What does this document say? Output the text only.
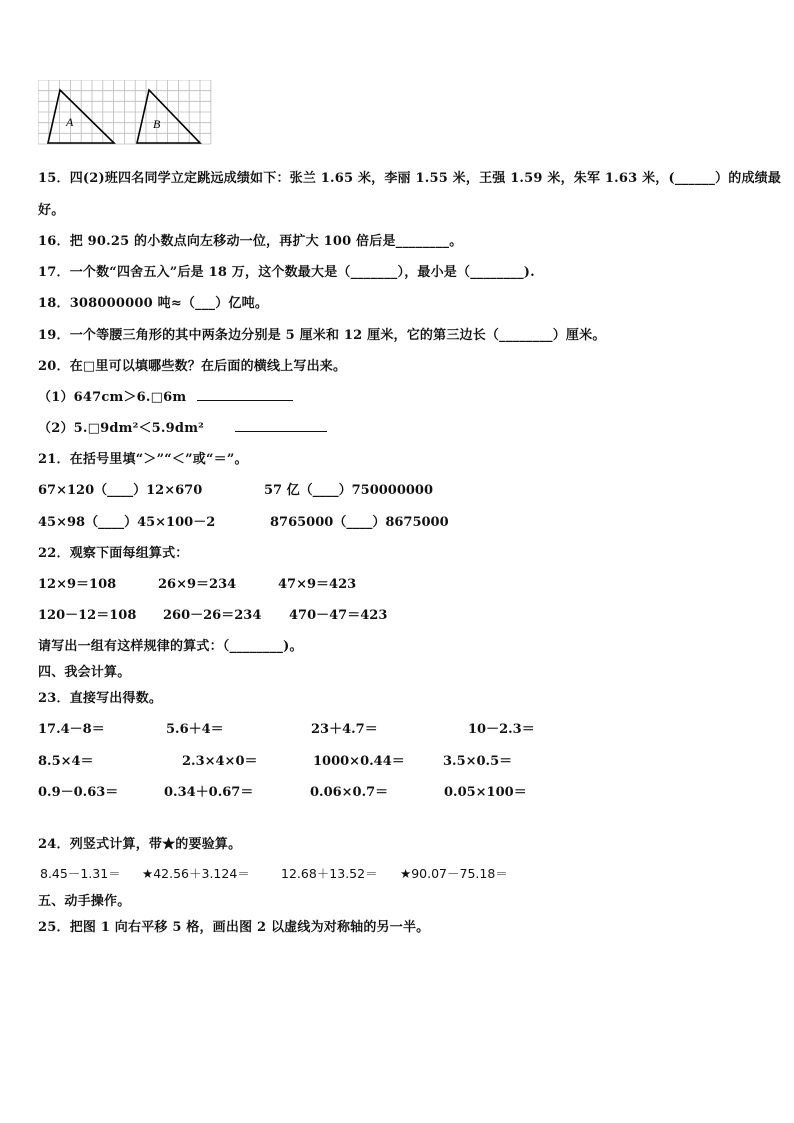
A	B
15．四(2)班四名同学立定跳远成绩如下：张兰 1.65 米，李丽 1.55 米，王强 1.59 米，朱军 1.63 米，(______）的成绩最
好。
16．把 90.25 的小数点向左移动一位，再扩大 100 倍后是________。
17．一个数“四舍五入”后是 18 万，这个数最大是（_______），最小是（________).
18．308000000 吨≈（___）亿吨。
19．一个等腰三角形的其中两条边分别是 5 厘米和 12 厘米，它的第三边长（________）厘米。
20．在□里可以填哪些数？在后面的横线上写出来。
（1）647cm＞6.□6m
（2）5.□9dm²＜5.9dm²
21．在括号里填“＞”“＜”或“＝”。
67×120（____）12×670	57 亿（____）750000000
45×98（____）45×100－2	8765000（____）8675000
22．观察下面每组算式：
12×9＝108	26×9＝234	47×9＝423
120－12＝108 260－26＝234 470－47＝423
请写出一组有这样规律的算式：（________)。
四、我会计算。
23．直接写出得数。
17.4－8＝	5.6＋4＝	23＋4.7＝	10－2.3＝
8.5×4＝	2.3×4×0＝	1000×0.44＝	3.5×0.5＝
0.9－0.63＝	0.34＋0.67＝	0.06×0.7＝	0.05×100＝
24．列竖式计算，带★的要验算。
8.45－1.31＝ ★42.56＋3.124＝ 12.68＋13.52＝ ★90.07－75.18＝
五、动手操作。
25．把图 1 向右平移 5 格，画出图 2 以虚线为对称轴的另一半。
